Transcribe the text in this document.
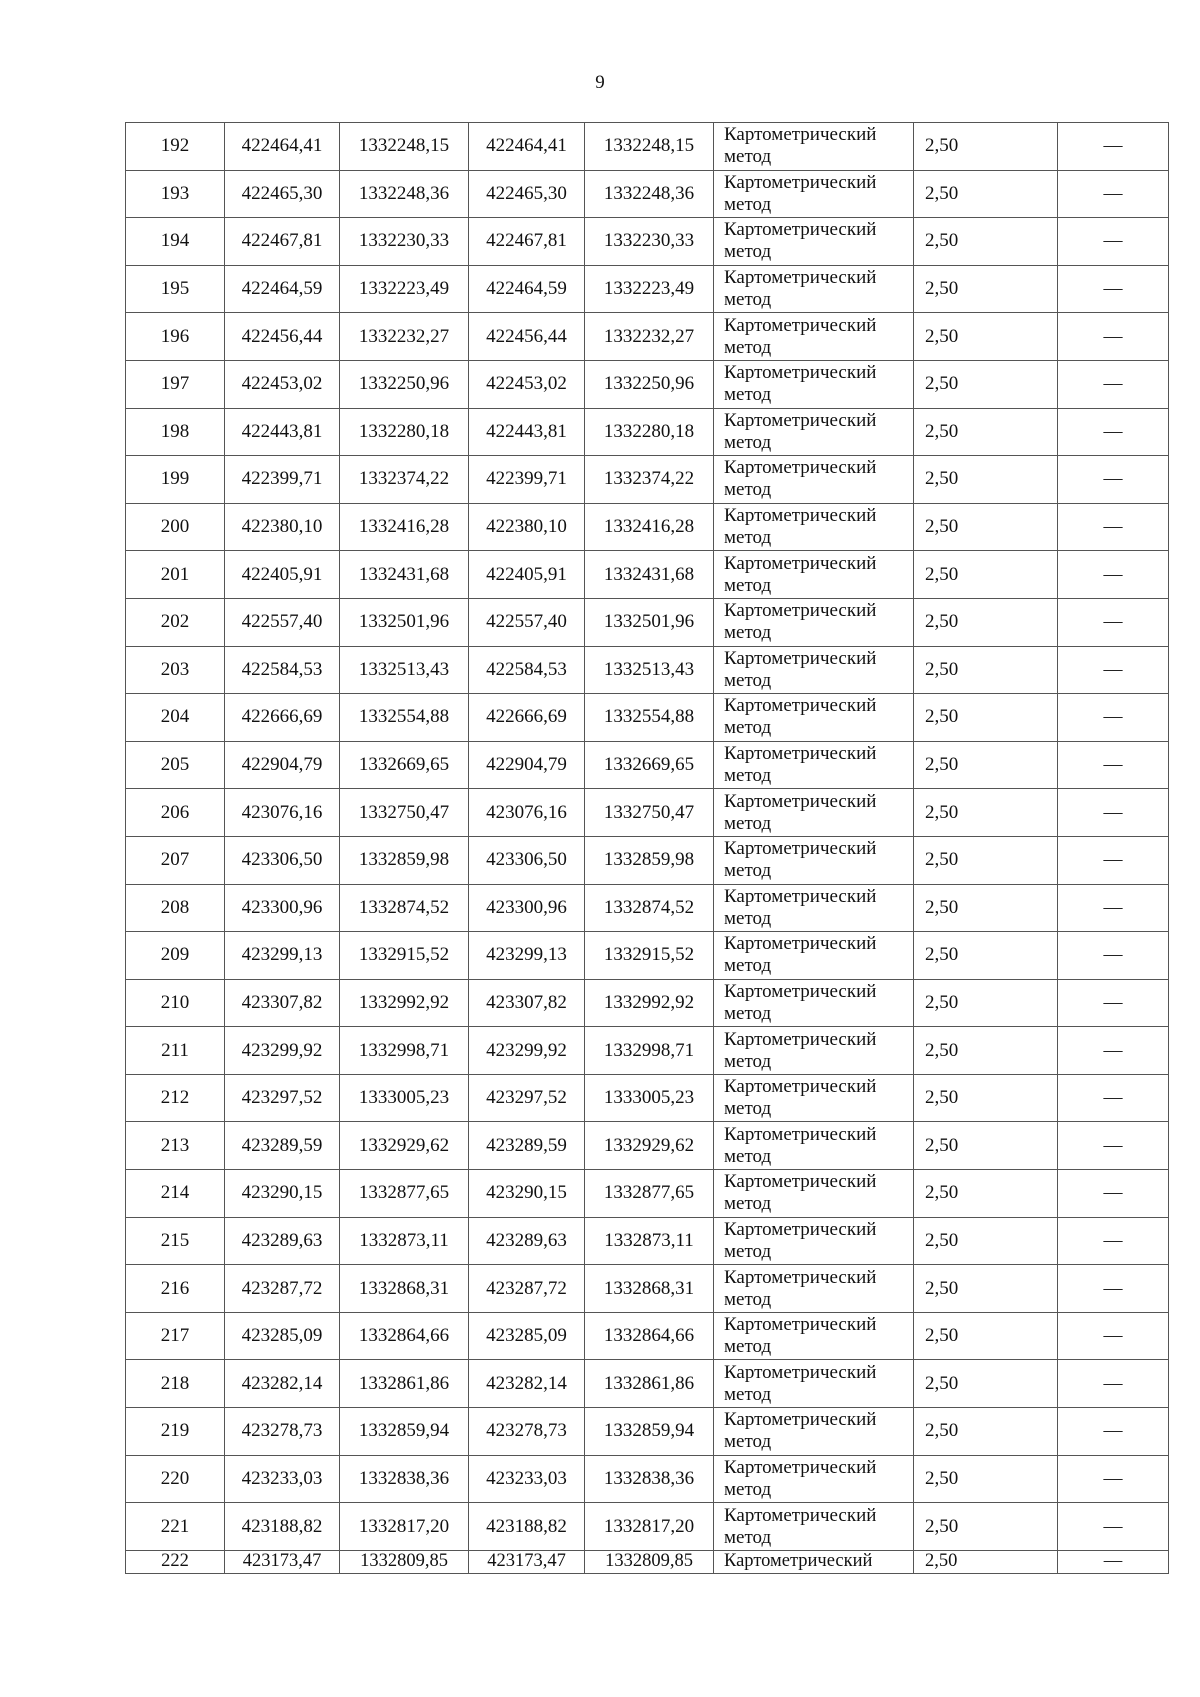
9
192	422464,41	1332248,15	422464,41	1332248,15	Картометрический
метод	2,50	—
193	422465,30	1332248,36	422465,30	1332248,36	Картометрический
метод	2,50	—
194	422467,81	1332230,33	422467,81	1332230,33	Картометрический
метод	2,50	—
195	422464,59	1332223,49	422464,59	1332223,49	Картометрический
метод	2,50	—
196	422456,44	1332232,27	422456,44	1332232,27	Картометрический
метод	2,50	—
197	422453,02	1332250,96	422453,02	1332250,96	Картометрический
метод	2,50	—
198	422443,81	1332280,18	422443,81	1332280,18	Картометрический
метод	2,50	—
199	422399,71	1332374,22	422399,71	1332374,22	Картометрический
метод	2,50	—
200	422380,10	1332416,28	422380,10	1332416,28	Картометрический
метод	2,50	—
201	422405,91	1332431,68	422405,91	1332431,68	Картометрический
метод	2,50	—
202	422557,40	1332501,96	422557,40	1332501,96	Картометрический
метод	2,50	—
203	422584,53	1332513,43	422584,53	1332513,43	Картометрический
метод	2,50	—
204	422666,69	1332554,88	422666,69	1332554,88	Картометрический
метод	2,50	—
205	422904,79	1332669,65	422904,79	1332669,65	Картометрический
метод	2,50	—
206	423076,16	1332750,47	423076,16	1332750,47	Картометрический
метод	2,50	—
207	423306,50	1332859,98	423306,50	1332859,98	Картометрический
метод	2,50	—
208	423300,96	1332874,52	423300,96	1332874,52	Картометрический
метод	2,50	—
209	423299,13	1332915,52	423299,13	1332915,52	Картометрический
метод	2,50	—
210	423307,82	1332992,92	423307,82	1332992,92	Картометрический
метод	2,50	—
211	423299,92	1332998,71	423299,92	1332998,71	Картометрический
метод	2,50	—
212	423297,52	1333005,23	423297,52	1333005,23	Картометрический
метод	2,50	—
213	423289,59	1332929,62	423289,59	1332929,62	Картометрический
метод	2,50	—
214	423290,15	1332877,65	423290,15	1332877,65	Картометрический
метод	2,50	—
215	423289,63	1332873,11	423289,63	1332873,11	Картометрический
метод	2,50	—
216	423287,72	1332868,31	423287,72	1332868,31	Картометрический
метод	2,50	—
217	423285,09	1332864,66	423285,09	1332864,66	Картометрический
метод	2,50	—
218	423282,14	1332861,86	423282,14	1332861,86	Картометрический
метод	2,50	—
219	423278,73	1332859,94	423278,73	1332859,94	Картометрический
метод	2,50	—
220	423233,03	1332838,36	423233,03	1332838,36	Картометрический
метод	2,50	—
221	423188,82	1332817,20	423188,82	1332817,20	Картометрический
метод	2,50	—
222	423173,47	1332809,85	423173,47	1332809,85	Картометрический	2,50	—
